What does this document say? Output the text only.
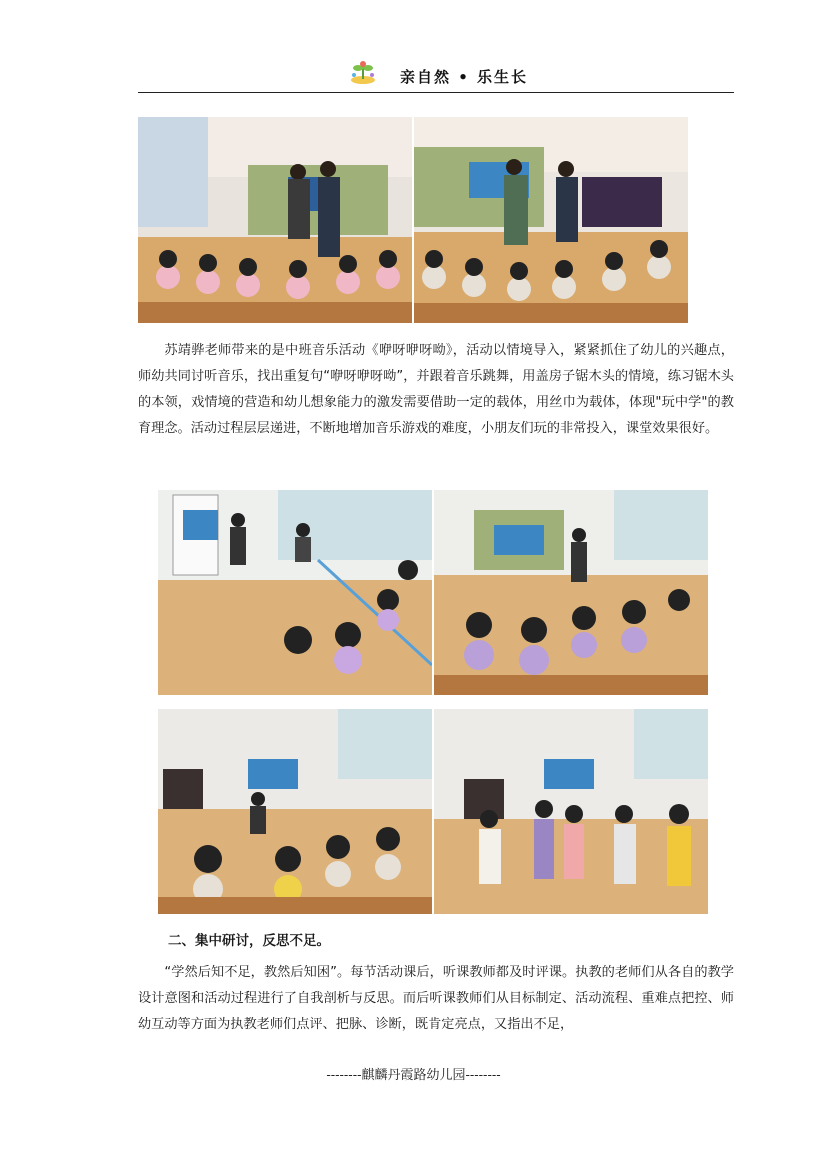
亲自然 • 乐生长

苏靖骅老师带来的是中班音乐活动《咿呀咿呀呦》，活动以情境导入，紧紧抓住了幼儿的兴趣点，师幼共同讨听音乐，找出重复句“咿呀咿呀呦”，并跟着音乐跳舞，用盖房子锯木头的情境，练习锯木头的本领，戏情境的营造和幼儿想象能力的激发需要借助一定的载体，用丝巾为载体，体现"玩中学"的教育理念。活动过程层层递进，不断地增加音乐游戏的难度，小朋友们玩的非常投入，课堂效果很好。

二、集中研讨，反思不足。

“学然后知不足，教然后知困”。每节活动课后，听课教师都及时评课。执教的老师们从各自的教学设计意图和活动过程进行了自我剖析与反思。而后听课教师们从目标制定、活动流程、重难点把控、师幼互动等方面为执教老师们点评、把脉、诊断，既肯定亮点，又指出不足，

--------麒麟丹霞路幼儿园--------
